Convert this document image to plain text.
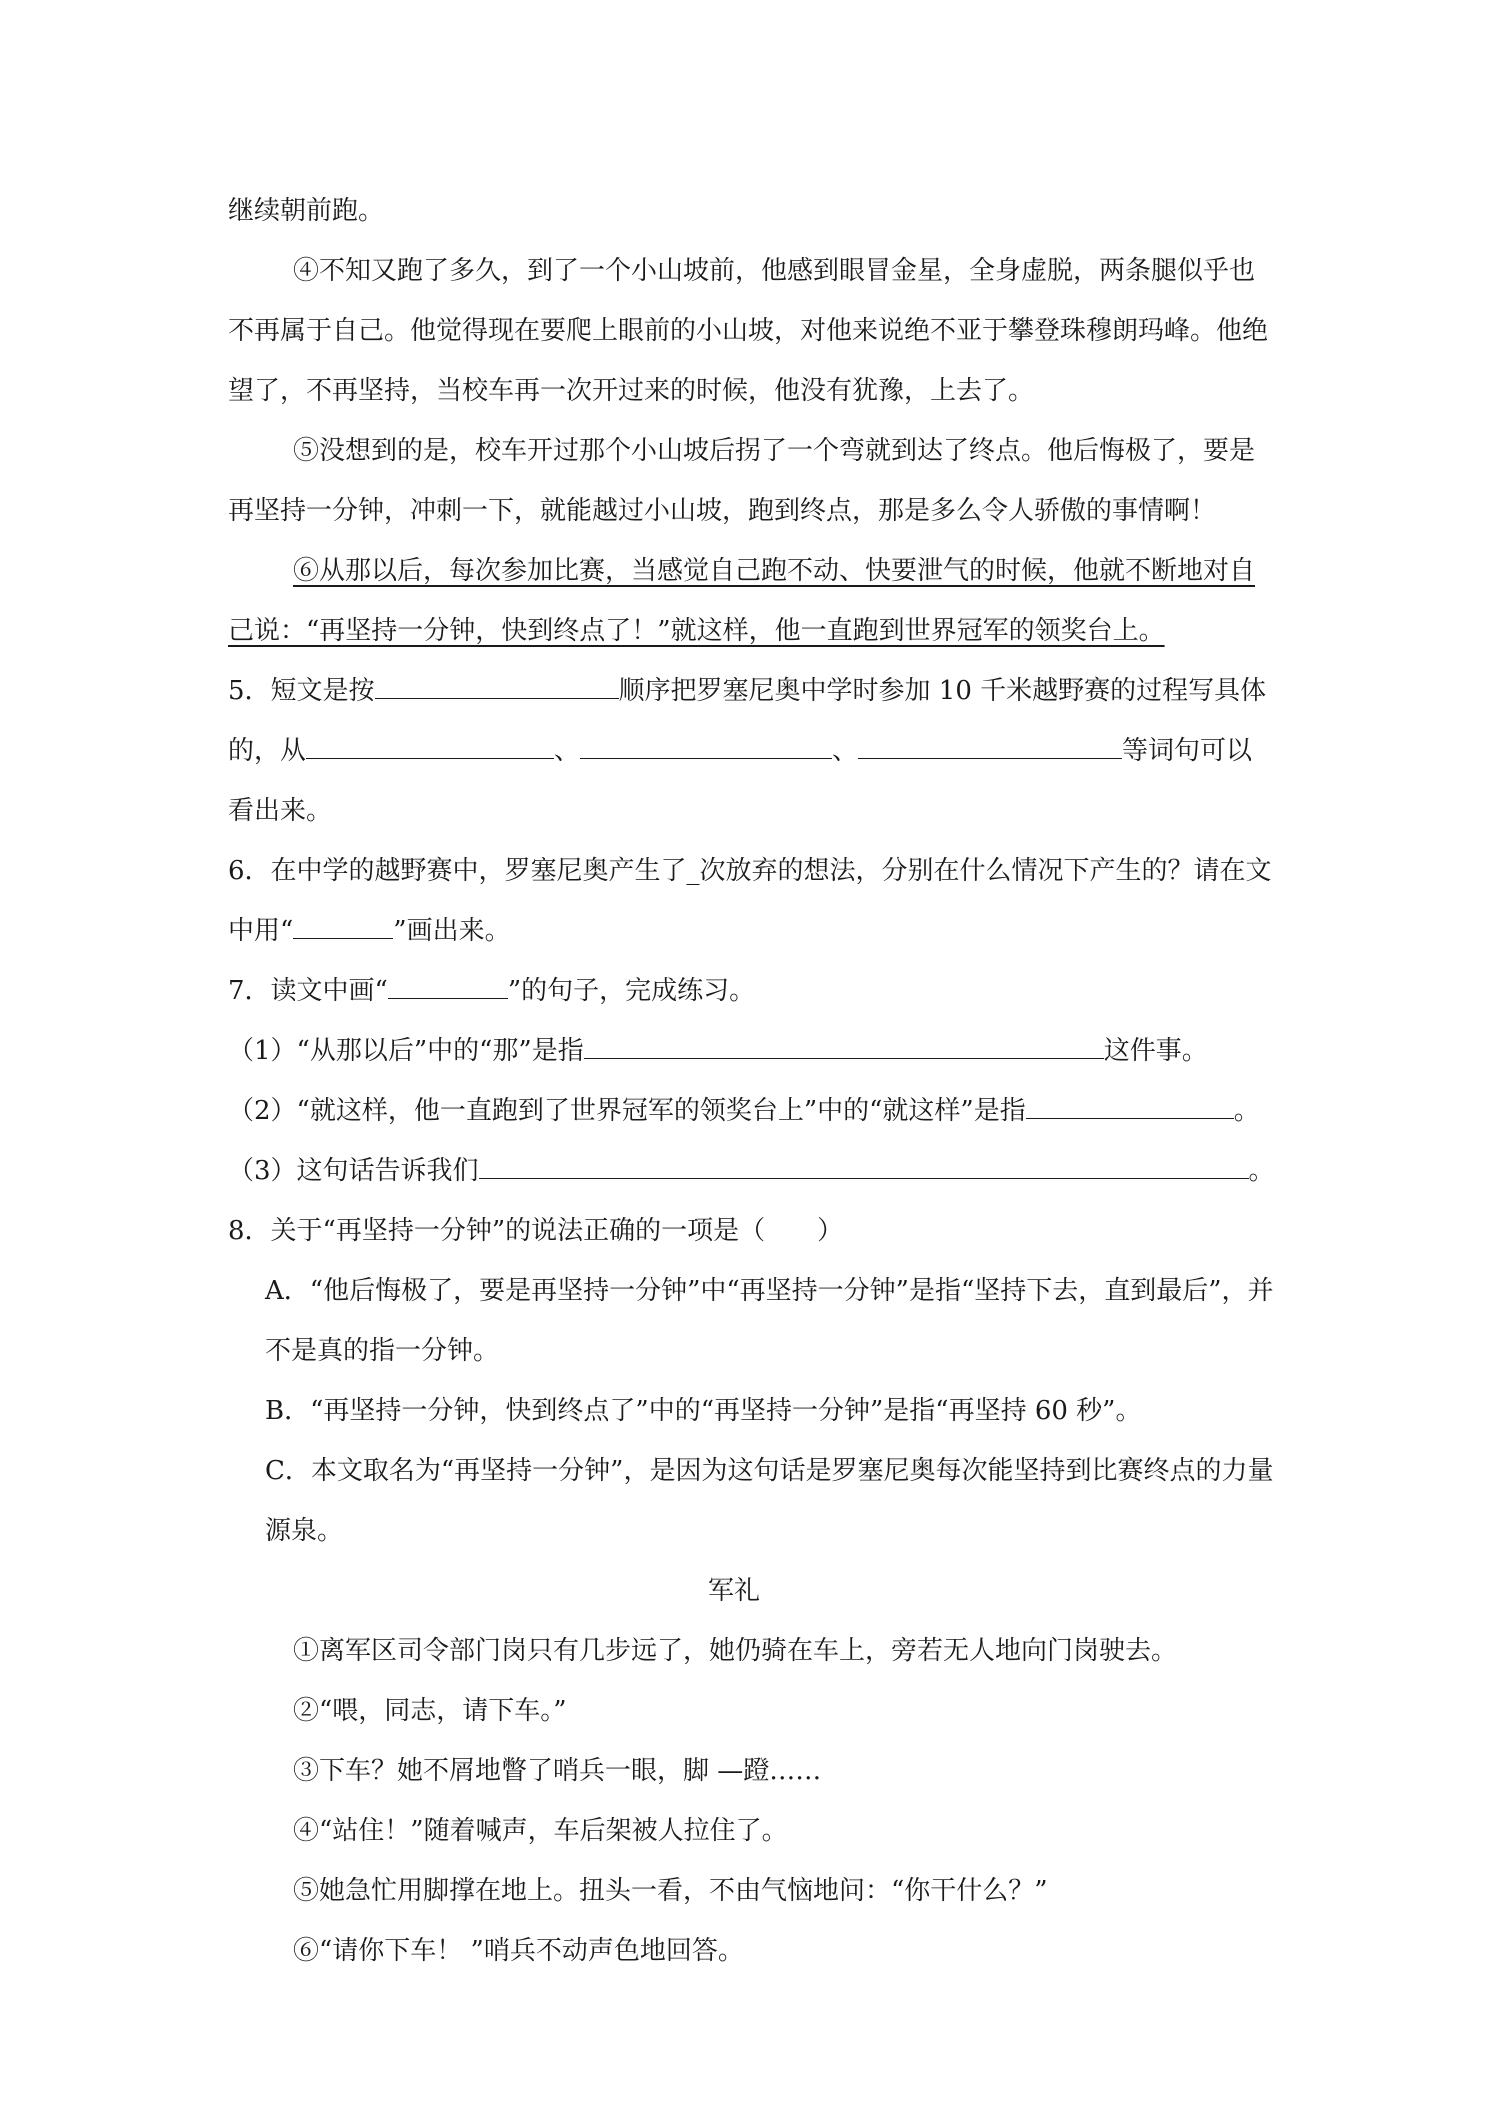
继续朝前跑。
④不知又跑了多久，到了一个小山坡前，他感到眼冒金星，全身虚脱，两条腿似乎也
不再属于自己。他觉得现在要爬上眼前的小山坡，对他来说绝不亚于攀登珠穆朗玛峰。他绝
望了，不再坚持，当校车再一次开过来的时候，他没有犹豫，上去了。
⑤没想到的是，校车开过那个小山坡后拐了一个弯就到达了终点。他后悔极了，要是
再坚持一分钟，冲刺一下，就能越过小山坡，跑到终点，那是多么令人骄傲的事情啊！
⑥从那以后，每次参加比赛，当感觉自己跑不动、快要泄气的时候，他就不断地对自
己说：“再坚持一分钟，快到终点了！”就这样，他一直跑到世界冠军的领奖台上。
5．短文是按	顺序把罗塞尼奥中学时参加 10 千米越野赛的过程写具体
的，从	、	、	等词句可以
看出来。
6．在中学的越野赛中，罗塞尼奥产生了_次放弃的想法，分别在什么情况下产生的？请在文
中用“	”画出来。
7．读文中画“	”的句子，完成练习。
（1）“从那以后”中的“那”是指	这件事。
（2）“就这样，他一直跑到了世界冠军的领奖台上”中的“就这样”是指	。
（3）这句话告诉我们	。
8．关于“再坚持一分钟”的说法正确的一项是（　　）
A．“他后悔极了，要是再坚持一分钟”中“再坚持一分钟”是指“坚持下去，直到最后”，并
不是真的指一分钟。
B．“再坚持一分钟，快到终点了”中的“再坚持一分钟”是指“再坚持 60 秒”。
C．本文取名为“再坚持一分钟”，是因为这句话是罗塞尼奥每次能坚持到比赛终点的力量
源泉。
军礼
①离军区司令部门岗只有几步远了，她仍骑在车上，旁若无人地向门岗驶去。
②“喂，同志，请下车。”
③下车？她不屑地瞥了哨兵一眼，脚 —蹬……
④“站住！”随着喊声，车后架被人拉住了。
⑤她急忙用脚撑在地上。扭头一看，不由气恼地问：“你干什么？”
⑥“请你下车！ ”哨兵不动声色地回答。
